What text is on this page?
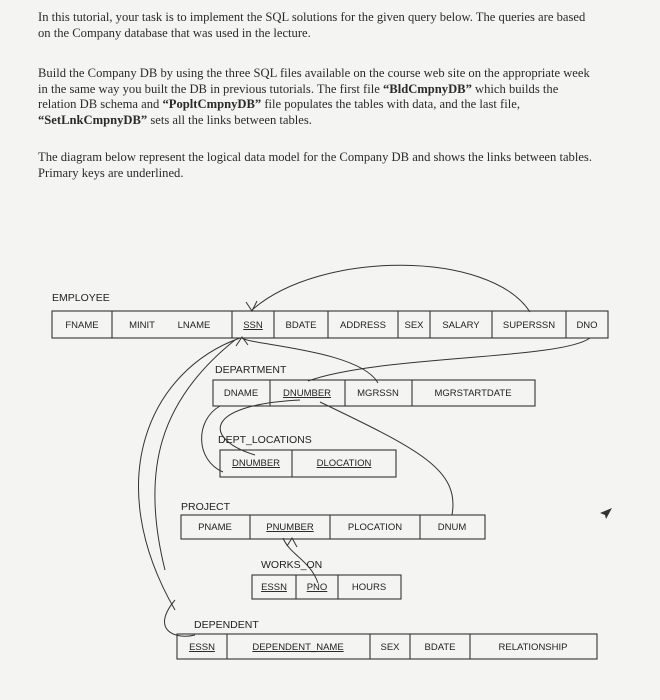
In this tutorial, your task is to implement the SQL solutions for the given query below. The queries are based on the Company database that was used in the lecture.

Build the Company DB by using the three SQL files available on the course web site on the appropriate week in the same way you built the DB in previous tutorials. The first file “BldCmpnyDB” which builds the relation DB schema and “PopltCmpnyDB” file populates the tables with data, and the last file, “SetLnkCmpnyDB” sets all the links between tables.

The diagram below represent the logical data model for the Company DB and shows the links between tables. Primary keys are underlined.

EMPLOYEE
FNAME	MINIT LNAME	SSN BDATE ADDRESS SEX SALARY SUPERSSN DNO
DEPARTMENT
DNAME	DNUMBER	MGRSSN	MGRSTARTDATE
DEPT_LOCATIONS
DNUMBER	DLOCATION
PROJECT
PNAME	PNUMBER	PLOCATION	DNUM
WORKS_ON
ESSN PNO	HOURS
DEPENDENT
ESSN	DEPENDENT_NAME	SEX	BDATE	RELATIONSHIP
